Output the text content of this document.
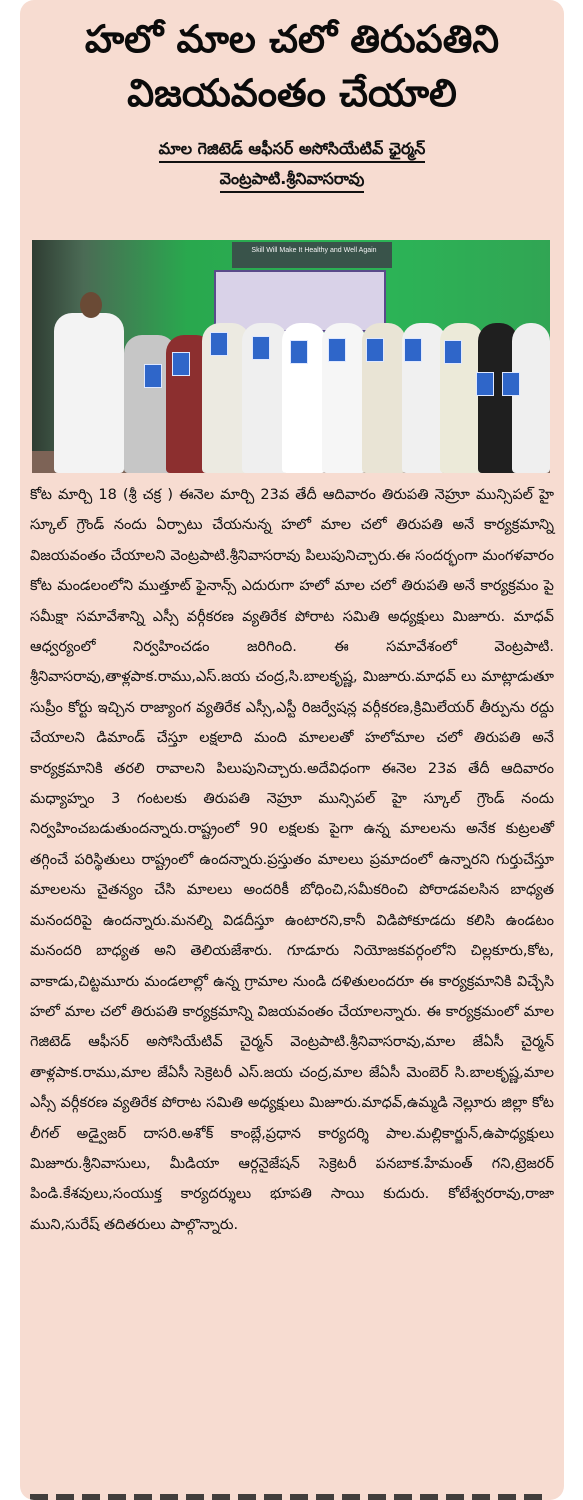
హలో మాల చలో తిరుపతిని
విజయవంతం చేయాలి
మాల గెజిటెడ్ ఆఫీసర్ అసోసియేటివ్ ఛైర్మన్
వెంట్రపాటి.శ్రీనివాసరావు
Skill Will Make It Healthy and Well Again

కోట మార్చి 18 (శ్రీ చక్ర ) ఈనెల మార్చి 23వ తేదీ ఆదివారం తిరుపతి నెహ్రూ మున్సిపల్ హై స్కూల్ గ్రౌండ్ నందు ఏర్పాటు చేయనున్న హలో మాల చలో తిరుపతి అనే కార్యక్రమాన్ని విజయవంతం చేయాలని వెంట్రపాటి.శ్రీనివాసరావు పిలుపునిచ్చారు.ఈ సందర్భంగా మంగళవారం కోట మండలంలోని ముత్తూట్ ఫైనాన్స్ ఎదురుగా హలో మాల చలో తిరుపతి అనే కార్యక్రమం పై సమీక్షా సమావేశాన్ని ఎస్సీ వర్గీకరణ వ్యతిరేక పోరాట సమితి అధ్యక్షులు మిజూరు. మాధవ్ ఆధ్వర్యంలో నిర్వహించడం జరిగింది. ఈ సమావేశంలో వెంట్రపాటి. శ్రీనివాసరావు,తాళ్లపాక.రాము,ఎస్.జయ చంద్ర,సి.బాలకృష్ణ, మిజూరు.మాధవ్ లు మాట్లాడుతూ సుప్రీం కోర్టు ఇచ్చిన రాజ్యాంగ వ్యతిరేక ఎస్సీ,ఎస్టీ రిజర్వేషన్ల వర్గీకరణ,క్రిమిలేయర్ తీర్పును రద్దు చేయాలని డిమాండ్ చేస్తూ లక్షలాది మంది మాలలతో హలోమాల చలో తిరుపతి అనే కార్యక్రమానికి తరలి రావాలని పిలుపునిచ్చారు.అదేవిధంగా ఈనెల 23వ తేదీ ఆదివారం మధ్యాహ్నం 3 గంటలకు తిరుపతి నెహ్రూ మున్సిపల్ హై స్కూల్ గ్రౌండ్ నందు నిర్వహించబడుతుందన్నారు.రాష్ట్రంలో 90 లక్షలకు పైగా ఉన్న మాలలను అనేక కుట్రలతో తగ్గించే పరిస్థితులు రాష్ట్రంలో ఉందన్నారు.ప్రస్తుతం మాలలు ప్రమాదంలో ఉన్నారని గుర్తుచేస్తూ మాలలను చైతన్యం చేసి మాలలు అందరికీ బోధించి,సమీకరించి పోరాడవలసిన బాధ్యత మనందరిపై ఉందన్నారు.మనల్ని విడదీస్తూ ఉంటారని,కానీ విడిపోకూడదు కలిసి ఉండటం మనందరి బాధ్యత అని తెలియజేశారు. గూడూరు నియోజకవర్గంలోని చిల్లకూరు,కోట, వాకాడు,చిట్టమూరు మండలాల్లో ఉన్న గ్రామాల నుండి దళితులందరూ ఈ కార్యక్రమానికి విచ్చేసి హలో మాల చలో తిరుపతి కార్యక్రమాన్ని విజయవంతం చేయాలన్నారు. ఈ కార్యక్రమంలో మాల గెజిటెడ్ ఆఫీసర్ అసోసియేటివ్ చైర్మన్ వెంట్రపాటి.శ్రీనివాసరావు,మాల జేఏసీ చైర్మన్ తాళ్లపాక.రాము,మాల జేఏసీ సెక్రెటరీ ఎస్.జయ చంద్ర,మాల జేఏసీ మెంబెర్ సి.బాలకృష్ణ,మాల ఎస్సీ వర్గీకరణ వ్యతిరేక పోరాట సమితి అధ్యక్షులు మిజూరు.మాధవ్,ఉమ్మడి నెల్లూరు జిల్లా కోట లీగల్ అడ్వైజర్ దాసరి.అశోక్ కాంబ్లే,ప్రధాన కార్యదర్శి పాల.మల్లికార్జున్,ఉపాధ్యక్షులు మిజూరు.శ్రీనివాసులు, మీడియా ఆర్గనైజేషన్ సెక్రెటరీ పనబాక.హేమంత్ గని,ట్రెజరర్ పిండి.కేశవులు,సంయుక్త కార్యదర్శులు భూపతి సాయి కుదురు. కోటేశ్వరరావు,రాజా ముని,సురేష్ తదితరులు పాల్గొన్నారు.
